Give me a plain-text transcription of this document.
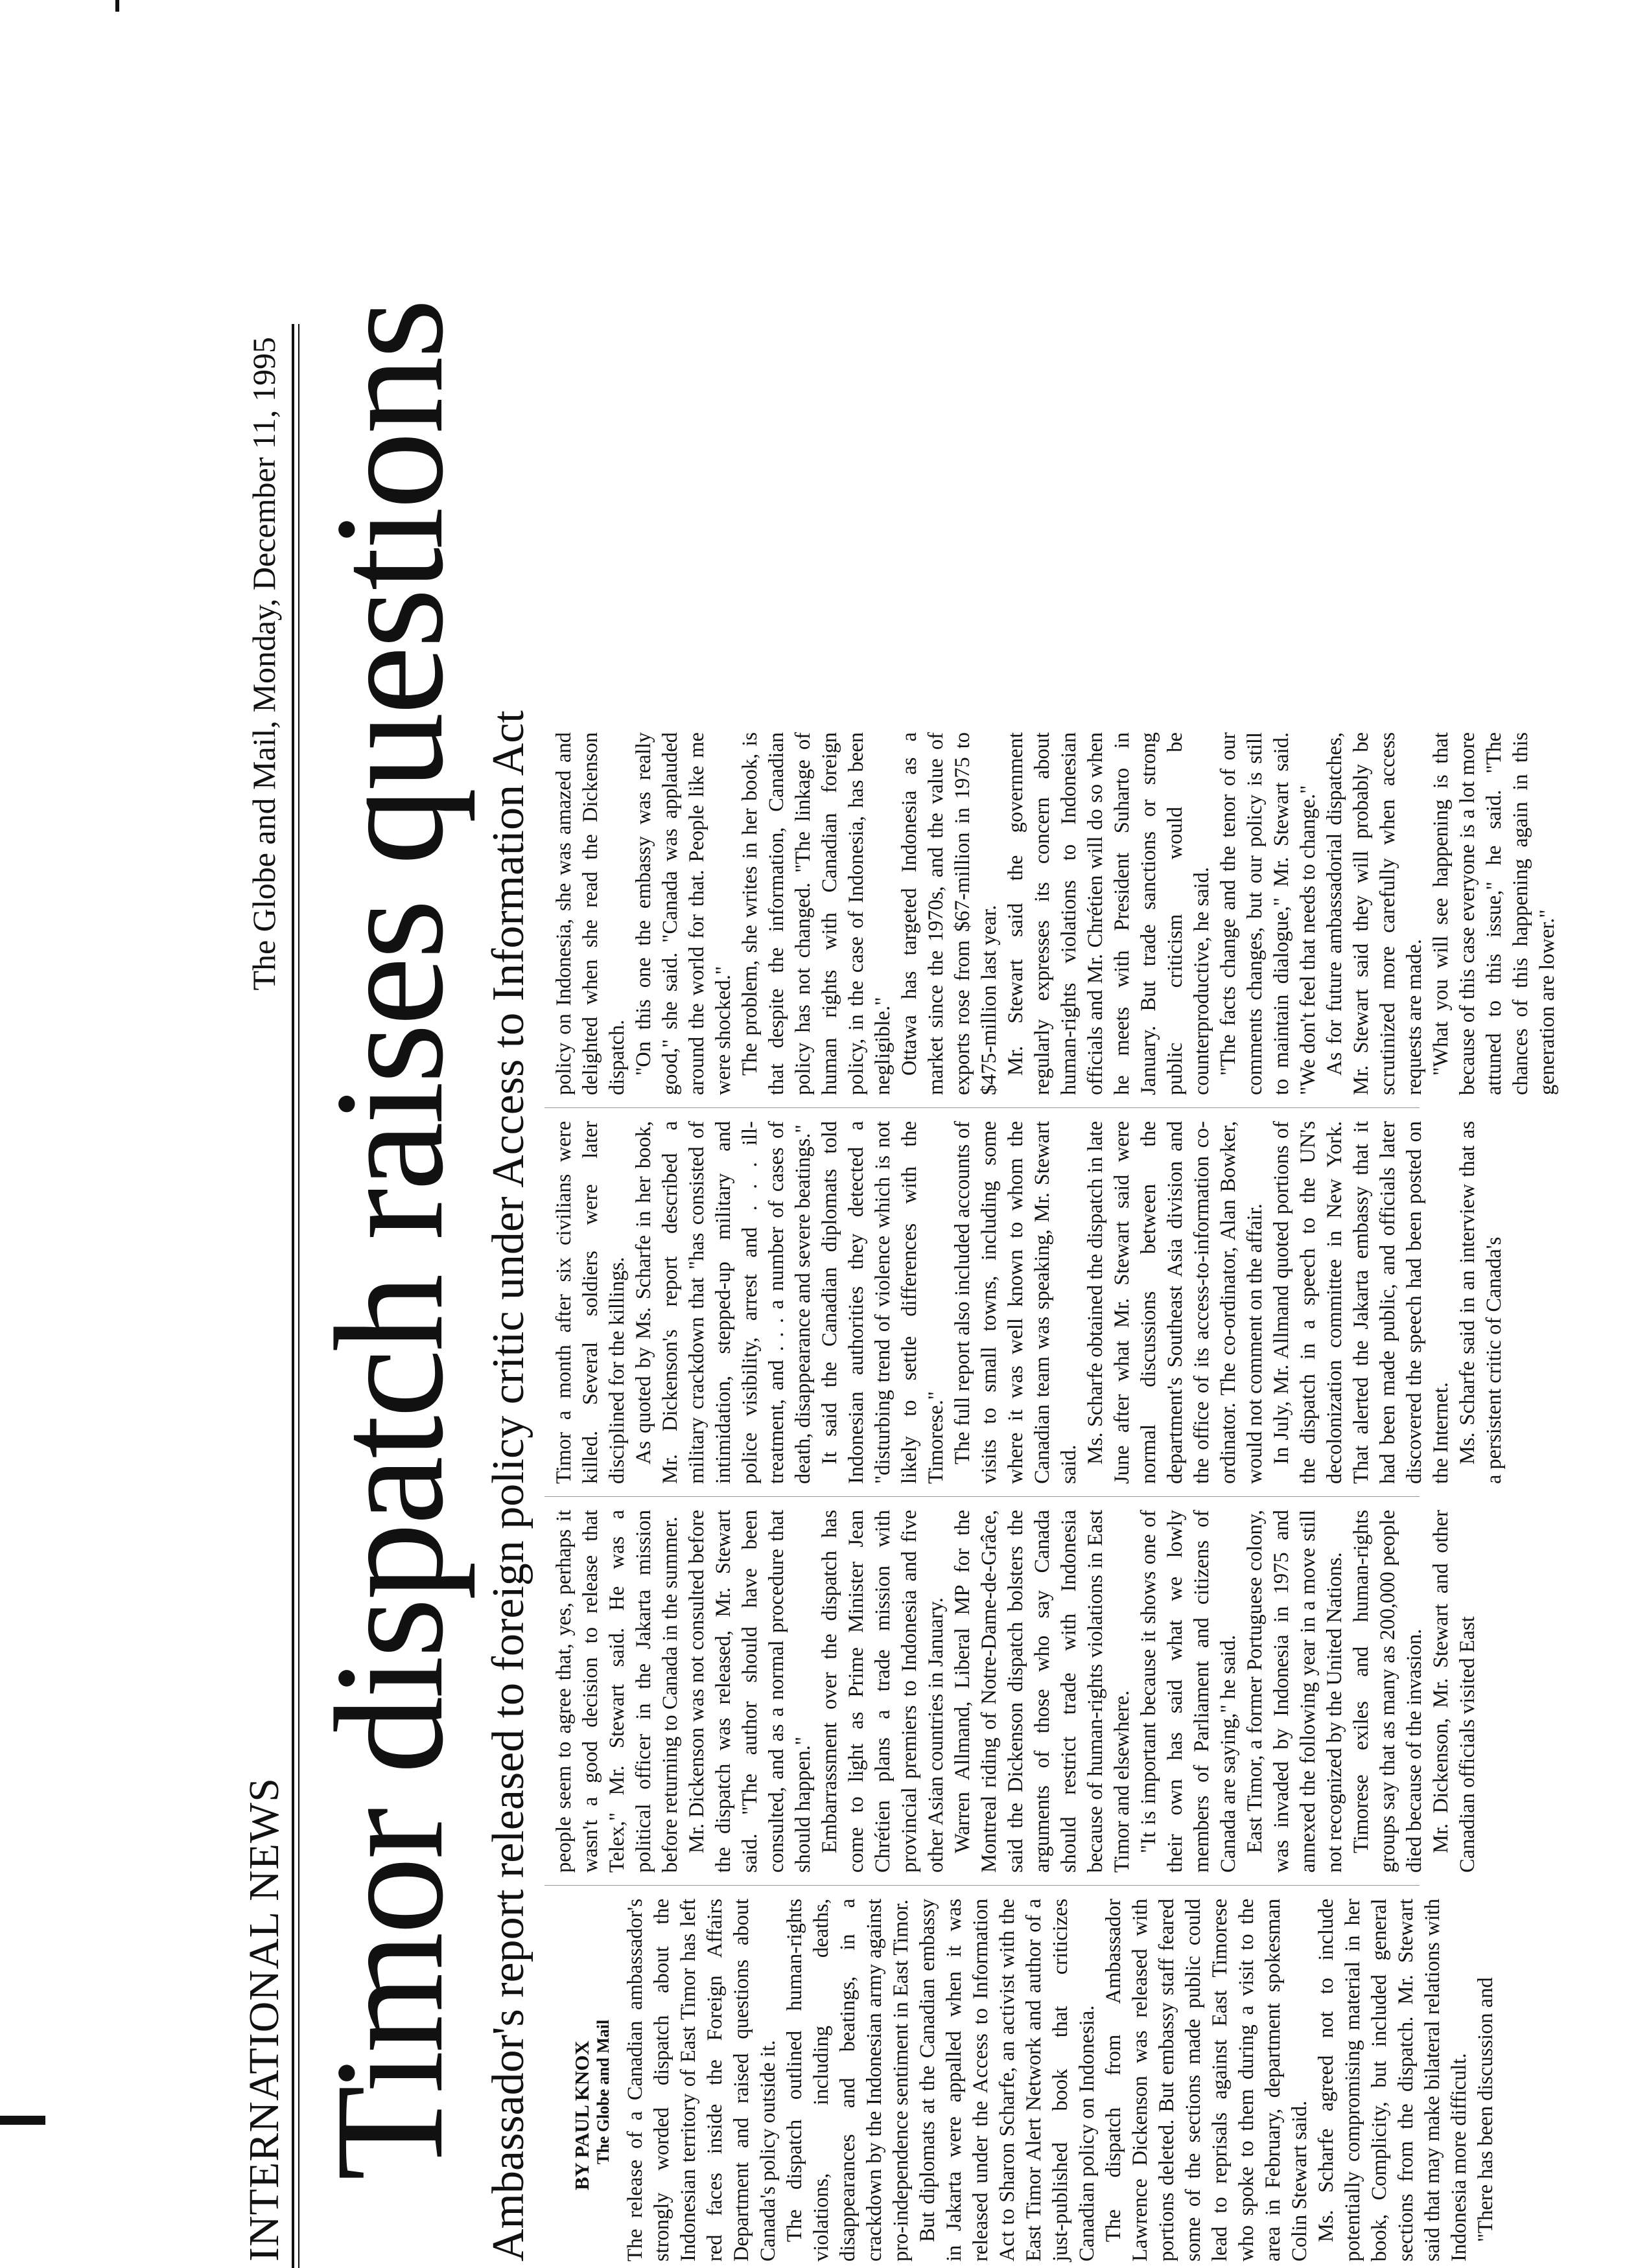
INTERNATIONAL NEWS
The Globe and Mail, Monday, December 11, 1995 Timor dispatch raises questions Ambassador's report released to foreign policy critic under Access to Information Act BY PAUL KNOX The Globe and Mail The release of a Canadian ambassador's strongly worded dispatch about the Indonesian territory of East Timor has left red faces inside the Foreign Affairs Department and raised questions about Canada's policy outside it. The dispatch outlined human-rights violations, including deaths, disappearances and beatings, in a crackdown by the Indonesian army against pro-independence sentiment in East Timor. But diplomats at the Canadian embassy in Jakarta were appalled when it was released under the Access to Information Act to Sharon Scharfe, an activist with the East Timor Alert Network and author of a just-published book that criticizes Canadian policy on Indonesia. The dispatch from Ambassador Lawrence Dickenson was released with portions deleted. But embassy staff feared some of the sections made public could lead to reprisals against East Timorese who spoke to them during a visit to the area in February, department spokesman Colin Stewart said. Ms. Scharfe agreed not to include potentially compromising material in her book, Complicity, but included general sections from the dispatch. Mr. Stewart said that may make bilateral relations with Indonesia more difficult. "There has been discussion and

people seem to agree that, yes, perhaps it wasn't a good decision to release that Telex," Mr. Stewart said. He was a political officer in the Jakarta mission before returning to Canada in the summer. Mr. Dickenson was not consulted before the dispatch was released, Mr. Stewart said. "The author should have been consulted, and as a normal procedure that should happen." Embarrassment over the dispatch has come to light as Prime Minister Jean Chrétien plans a trade mission with provincial premiers to Indonesia and five other Asian countries in January. Warren Allmand, Liberal MP for the Montreal riding of Notre-Dame-de-Grâce, said the Dickenson dispatch bolsters the arguments of those who say Canada should restrict trade with Indonesia because of human-rights violations in East Timor and elsewhere. "It is important because it shows one of their own has said what we lowly members of Parliament and citizens of Canada are saying," he said. East Timor, a former Portuguese colony, was invaded by Indonesia in 1975 and annexed the following year in a move still not recognized by the United Nations. Timorese exiles and human-rights groups say that as many as 200,000 people died because of the invasion. Mr. Dickenson, Mr. Stewart and other Canadian officials visited East

Timor a month after six civilians were killed. Several soldiers were later disciplined for the killings. As quoted by Ms. Scharfe in her book, Mr. Dickenson's report described a military crackdown that "has consisted of intimidation, stepped-up military and police visibility, arrest and . . . ill-treatment, and . . . a number of cases of death, disappearance and severe beatings." It said the Canadian diplomats told Indonesian authorities they detected a "disturbing trend of violence which is not likely to settle differences with the Timorese." The full report also included accounts of visits to small towns, including some where it was well known to whom the Canadian team was speaking, Mr. Stewart said. Ms. Scharfe obtained the dispatch in late June after what Mr. Stewart said were normal discussions between the department's Southeast Asia division and the office of its access-to-information co-ordinator. The co-ordinator, Alan Bowker, would not comment on the affair. In July, Mr. Allmand quoted portions of the dispatch in a speech to the UN's decolonization committee in New York. That alerted the Jakarta embassy that it had been made public, and officials later discovered the speech had been posted on the Internet. Ms. Scharfe said in an interview that as a persistent critic of Canada's

policy on Indonesia, she was amazed and delighted when she read the Dickenson dispatch. "On this one the embassy was really good," she said. "Canada was applauded around the world for that. People like me were shocked." The problem, she writes in her book, is that despite the information, Canadian policy has not changed. "The linkage of human rights with Canadian foreign policy, in the case of Indonesia, has been negligible." Ottawa has targeted Indonesia as a market since the 1970s, and the value of exports rose from $67-million in 1975 to $475-million last year. Mr. Stewart said the government regularly expresses its concern about human-rights violations to Indonesian officials and Mr. Chrétien will do so when he meets with President Suharto in January. But trade sanctions or strong public criticism would be counterproductive, he said. "The facts change and the tenor of our comments changes, but our policy is still to maintain dialogue," Mr. Stewart said. "We don't feel that needs to change." As for future ambassadorial dispatches, Mr. Stewart said they will probably be scrutinized more carefully when access requests are made. "What you will see happening is that because of this case everyone is a lot more attuned to this issue," he said. "The chances of this happening again in this generation are lower."
